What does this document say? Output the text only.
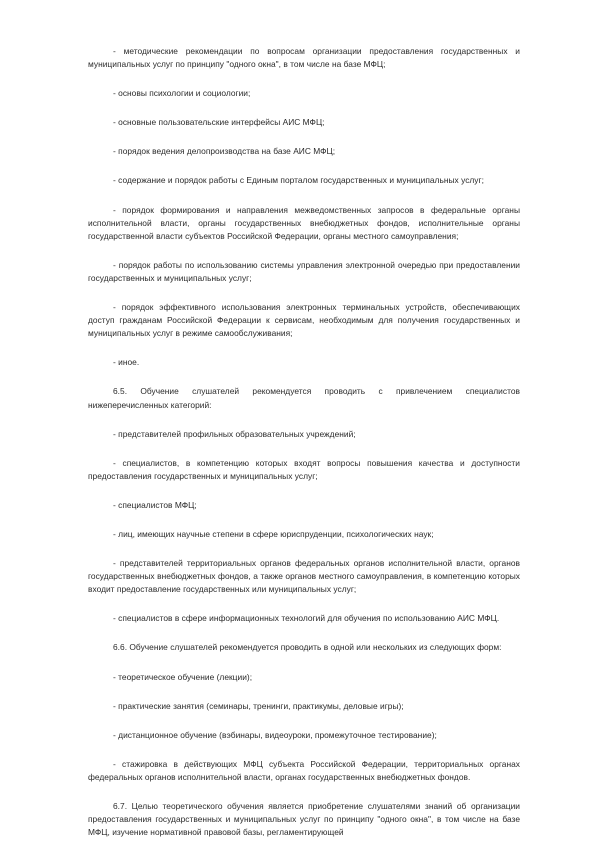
- методические рекомендации по вопросам организации предоставления государственных и муниципальных услуг по принципу "одного окна", в том числе на базе МФЦ;

- основы психологии и социологии;

- основные пользовательские интерфейсы АИС МФЦ;

- порядок ведения делопроизводства на базе АИС МФЦ;

- содержание и порядок работы с Единым порталом государственных и муниципальных услуг;

- порядок формирования и направления межведомственных запросов в федеральные органы исполнительной власти, органы государственных внебюджетных фондов, исполнительные органы государственной власти субъектов Российской Федерации, органы местного самоуправления;

- порядок работы по использованию системы управления электронной очередью при предоставлении государственных и муниципальных услуг;

- порядок эффективного использования электронных терминальных устройств, обеспечивающих доступ гражданам Российской Федерации к сервисам, необходимым для получения государственных и муниципальных услуг в режиме самообслуживания;

- иное.

6.5. Обучение слушателей рекомендуется проводить с привлечением специалистов нижеперечисленных категорий:

- представителей профильных образовательных учреждений;

- специалистов, в компетенцию которых входят вопросы повышения качества и доступности предоставления государственных и муниципальных услуг;

- специалистов МФЦ;

- лиц, имеющих научные степени в сфере юриспруденции, психологических наук;

- представителей территориальных органов федеральных органов исполнительной власти, органов государственных внебюджетных фондов, а также органов местного самоуправления, в компетенцию которых входит предоставление государственных или муниципальных услуг;

- специалистов в сфере информационных технологий для обучения по использованию АИС МФЦ.

6.6. Обучение слушателей рекомендуется проводить в одной или нескольких из следующих форм:

- теоретическое обучение (лекции);

- практические занятия (семинары, тренинги, практикумы, деловые игры);

- дистанционное обучение (вэбинары, видеоуроки, промежуточное тестирование);

- стажировка в действующих МФЦ субъекта Российской Федерации, территориальных органах федеральных органов исполнительной власти, органах государственных внебюджетных фондов.

6.7. Целью теоретического обучения является приобретение слушателями знаний об организации предоставления государственных и муниципальных услуг по принципу "одного окна", в том числе на базе МФЦ, изучение нормативной правовой базы, регламентирующей
